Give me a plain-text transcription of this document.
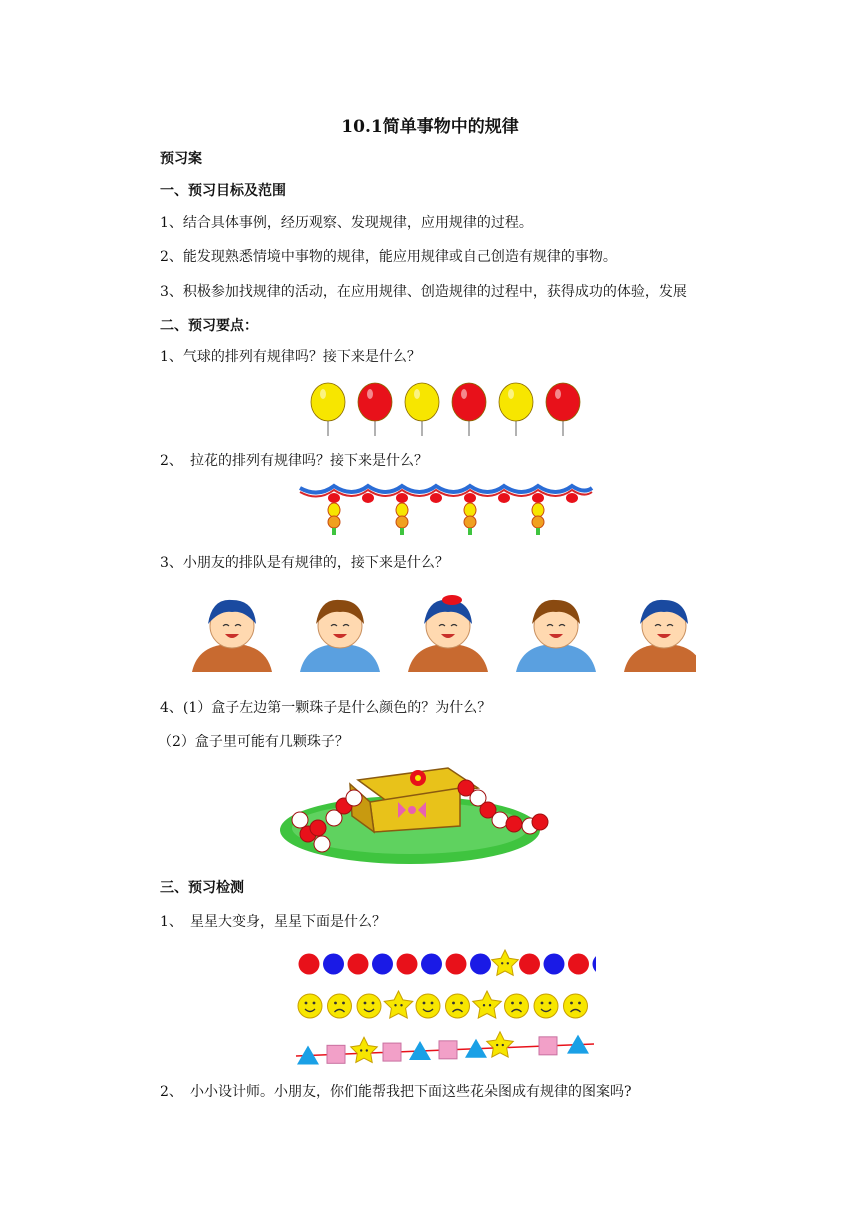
10.1简单事物中的规律
预习案
一、预习目标及范围
1、结合具体事例，经历观察、发现规律，应用规律的过程。
2、能发现熟悉情境中事物的规律，能应用规律或自己创造有规律的事物。
3、积极参加找规律的活动，在应用规律、创造规律的过程中，获得成功的体验，发展
二、预习要点：
1、气球的排列有规律吗？接下来是什么？
2、 拉花的排列有规律吗？接下来是什么？
3、小朋友的排队是有规律的，接下来是什么？
4、(1）盒子左边第一颗珠子是什么颜色的？为什么？
（2）盒子里可能有几颗珠子？
三、预习检测
1、 星星大变身，星星下面是什么？
2、 小小设计师。小朋友，你们能帮我把下面这些花朵图成有规律的图案吗?
